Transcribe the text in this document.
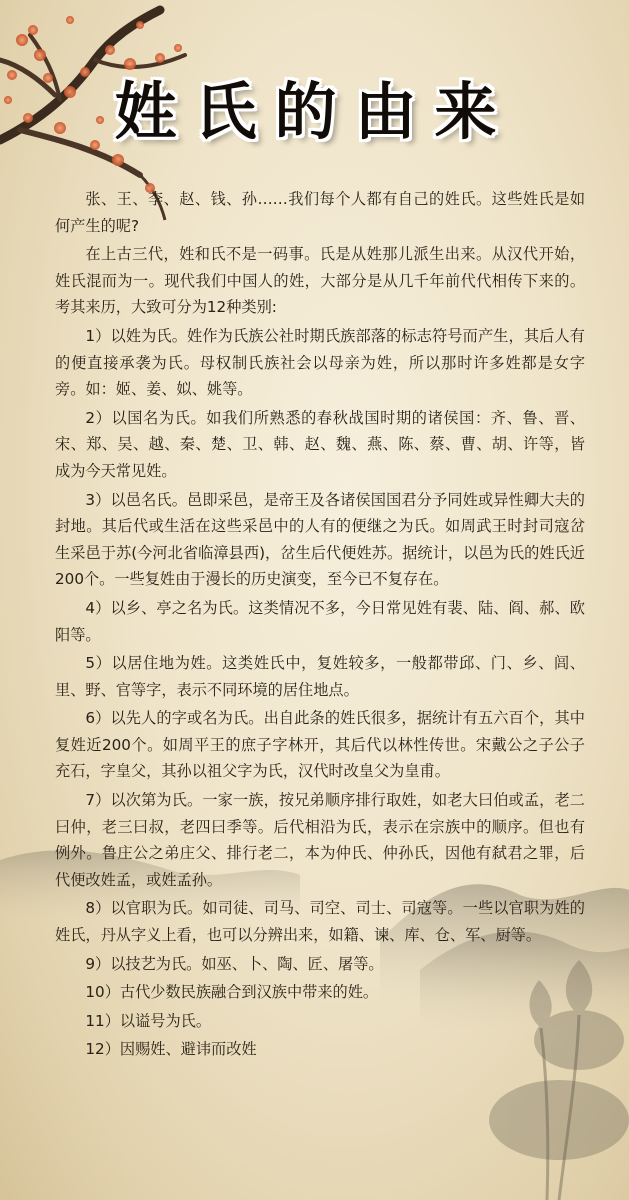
姓氏的由来

张、王、李、赵、钱、孙……我们每个人都有自己的姓氏。这些姓氏是如何产生的呢?

在上古三代，姓和氏不是一码事。氏是从姓那儿派生出来。从汉代开始，姓氏混而为一。现代我们中国人的姓，大部分是从几千年前代代相传下来的。考其来历，大致可分为12种类别:

1）以姓为氏。姓作为氏族公社时期氏族部落的标志符号而产生，其后人有的便直接承袭为氏。母权制氏族社会以母亲为姓，所以那时许多姓都是女字旁。如：姬、姜、姒、姚等。

2）以国名为氏。如我们所熟悉的春秋战国时期的诸侯国：齐、鲁、晋、宋、郑、吴、越、秦、楚、卫、韩、赵、魏、燕、陈、蔡、曹、胡、许等，皆成为今天常见姓。

3）以邑名氏。邑即采邑，是帝王及各诸侯国国君分予同姓或异性卿大夫的封地。其后代或生活在这些采邑中的人有的便继之为氏。如周武王时封司寇岔生采邑于苏(今河北省临漳县西)，岔生后代便姓苏。据统计，以邑为氏的姓氏近200个。一些复姓由于漫长的历史演变，至今已不复存在。

4）以乡、亭之名为氏。这类情况不多，今日常见姓有裴、陆、阎、郝、欧阳等。

5）以居住地为姓。这类姓氏中，复姓较多，一般都带邱、门、乡、闾、里、野、官等字，表示不同环境的居住地点。

6）以先人的字或名为氏。出自此条的姓氏很多，据统计有五六百个，其中复姓近200个。如周平王的庶子字林开，其后代以林性传世。宋戴公之子公子充石，字皇父，其孙以祖父字为氏，汉代时改皇父为皇甫。

7）以次第为氏。一家一族，按兄弟顺序排行取姓，如老大曰伯或孟，老二曰仲，老三曰叔，老四曰季等。后代相沿为氏，表示在宗族中的顺序。但也有例外。鲁庄公之弟庄父、排行老二，本为仲氏、仲孙氏，因他有弑君之罪，后代便改姓孟，或姓孟孙。

8）以官职为氏。如司徒、司马、司空、司士、司寇等。一些以官职为姓的姓氏，丹从字义上看，也可以分辨出来，如籍、谏、库、仓、军、厨等。

9）以技艺为氏。如巫、卜、陶、匠、屠等。

10）古代少数民族融合到汉族中带来的姓。

11）以谥号为氏。

12）因赐姓、避讳而改姓
